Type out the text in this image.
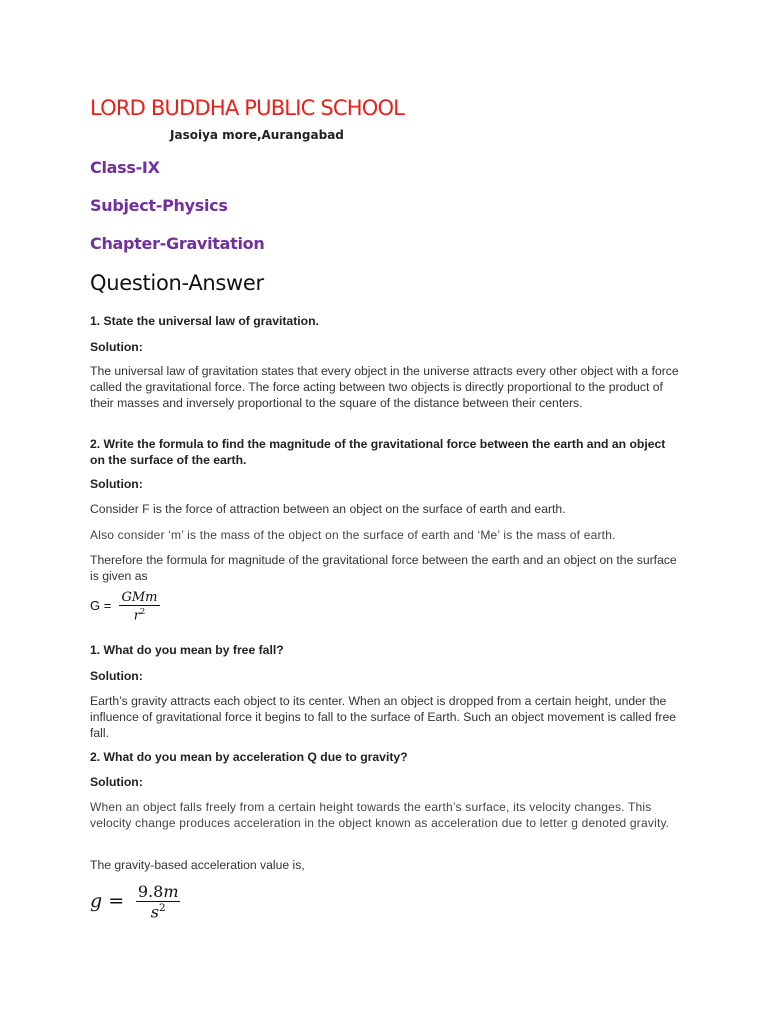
LORD BUDDHA PUBLIC SCHOOL
Jasoiya more,Aurangabad
Class-IX
Subject-Physics
Chapter-Gravitation
Question-Answer
1. State the universal law of gravitation.
Solution:
The universal law of gravitation states that every object in the universe attracts every other object with a force called the gravitational force. The force acting between two objects is directly proportional to the product of their masses and inversely proportional to the square of the distance between their centers.
2. Write the formula to find the magnitude of the gravitational force between the earth and an object on the surface of the earth.
Solution:
Consider F is the force of attraction between an object on the surface of earth and earth.
Also consider ‘m’ is the mass of the object on the surface of earth and ‘Me’ is the mass of earth.
Therefore the formula for magnitude of the gravitational force between the earth and an object on the surface is given as
$G = \frac{\text{GMm}}{r^2}$
1. What do you mean by free fall?
Solution:
Earth’s gravity attracts each object to its center. When an object is dropped from a certain height, under the influence of gravitational force it begins to fall to the surface of Earth. Such an object movement is called free fall.
2. What do you mean by acceleration Q due to gravity?
Solution:
When an object falls freely from a certain height towards the earth’s surface, its velocity changes. This velocity change produces acceleration in the object known as acceleration due to letter g denoted gravity.
The gravity-based acceleration value is,
$g = \frac{9.8m}{s^2}$
